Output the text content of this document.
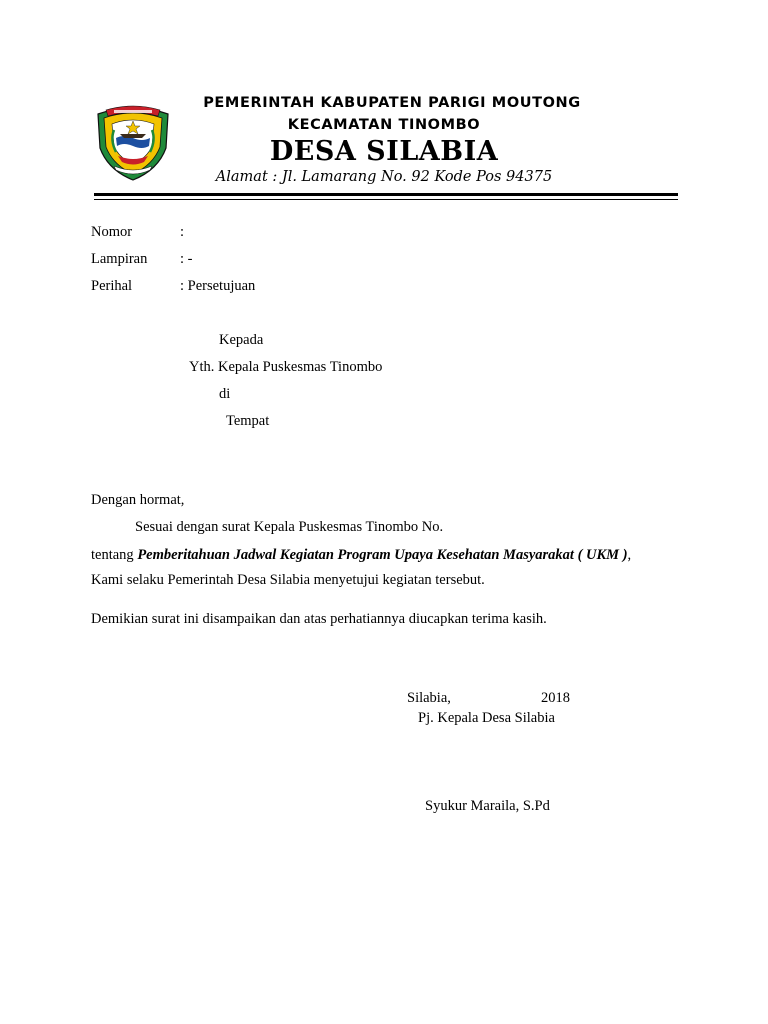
PEMERINTAH KABUPATEN PARIGI MOUTONG
KECAMATAN TINOMBO
DESA SILABIA
Alamat : Jl. Lamarang No. 92 Kode Pos 94375
Nomor	:
Lampiran : -
Perihal	: Persetujuan
Kepada
Yth. Kepala Puskesmas Tinombo
di
Tempat
Dengan hormat,
Sesuai dengan surat Kepala Puskesmas Tinombo No.
tentang Pemberitahuan Jadwal Kegiatan Program Upaya Kesehatan Masyarakat ( UKM ),
Kami selaku Pemerintah Desa Silabia menyetujui kegiatan tersebut.
Demikian surat ini disampaikan dan atas perhatiannya diucapkan terima kasih.
Silabia,	2018
Pj. Kepala Desa Silabia
Syukur Maraila, S.Pd
